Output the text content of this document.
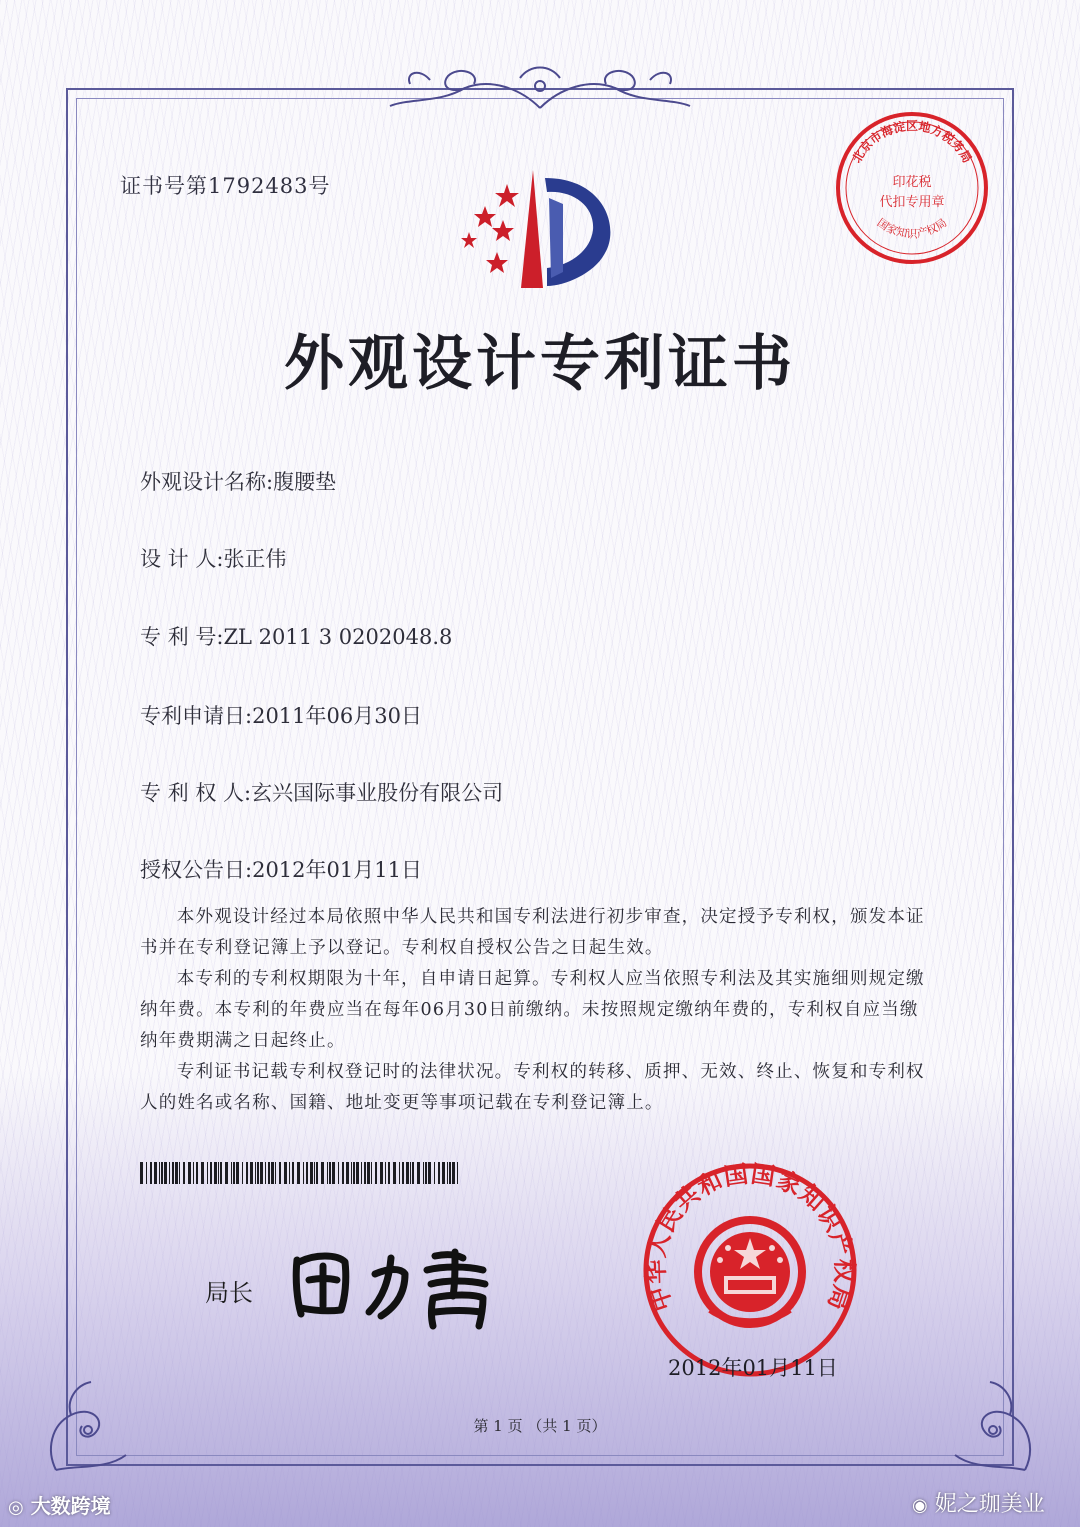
证书号第1792483号
北京市海淀区地方税务局
印花税
代扣专用章
国家知识产权局
外观设计专利证书
外观设计名称:腹腰垫
设 计 人:张正伟
专 利 号:ZL 2011 3 0202048.8
专利申请日:2011年06月30日
专 利 权 人:玄兴国际事业股份有限公司
授权公告日:2012年01月11日

本外观设计经过本局依照中华人民共和国专利法进行初步审查，决定授予专利权，颁发本证书并在专利登记簿上予以登记。专利权自授权公告之日起生效。

本专利的专利权期限为十年，自申请日起算。专利权人应当依照专利法及其实施细则规定缴纳年费。本专利的年费应当在每年06月30日前缴纳。未按照规定缴纳年费的，专利权自应当缴纳年费期满之日起终止。

专利证书记载专利权登记时的法律状况。专利权的转移、质押、无效、终止、恢复和专利权人的姓名或名称、国籍、地址变更等事项记载在专利登记簿上。

局长	中华人民共和国国家知识产权局
2012年01月11日
第 1 页 （共 1 页）
◎ 大数跨境	◉ 妮之珈美业
